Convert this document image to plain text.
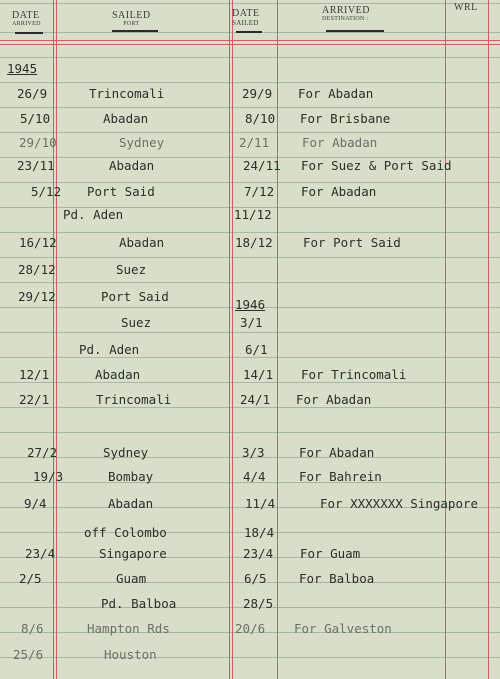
DATE
ARRIVED
SAILED
PORT
DATE
SAILED
ARRIVED
DESTINATION :
WRL
1945
1946
26/9	Trincomali	29/9 For Abadan
5/10	Abadan	8/10 For Brisbane
29/10	Sydney	2/11	For Abadan
23/11	Abadan	24/11 For Suez & Port Said
5/12 Port Said	7/12 For Abadan
Pd. Aden	11/12
16/12	Abadan	18/12 For Port Said
28/12	Suez
29/12	Port Said
Suez	3/1
Pd. Aden	6/1
12/1	Abadan	14/1 For Trincomali
22/1	Trincomali	24/1 For Abadan
27/2	Sydney	3/3	For Abadan
19/3	Bombay	4/4	For Bahrein
9/4	Abadan	11/4	For XXXXXXX Singapore
off Colombo	18/4
23/4	Singapore	23/4 For Guam
2/5	Guam	6/5	For Balboa
Pd. Balboa	28/5
8/6	Hampton Rds	20/6 For Galveston
25/6	Houston
